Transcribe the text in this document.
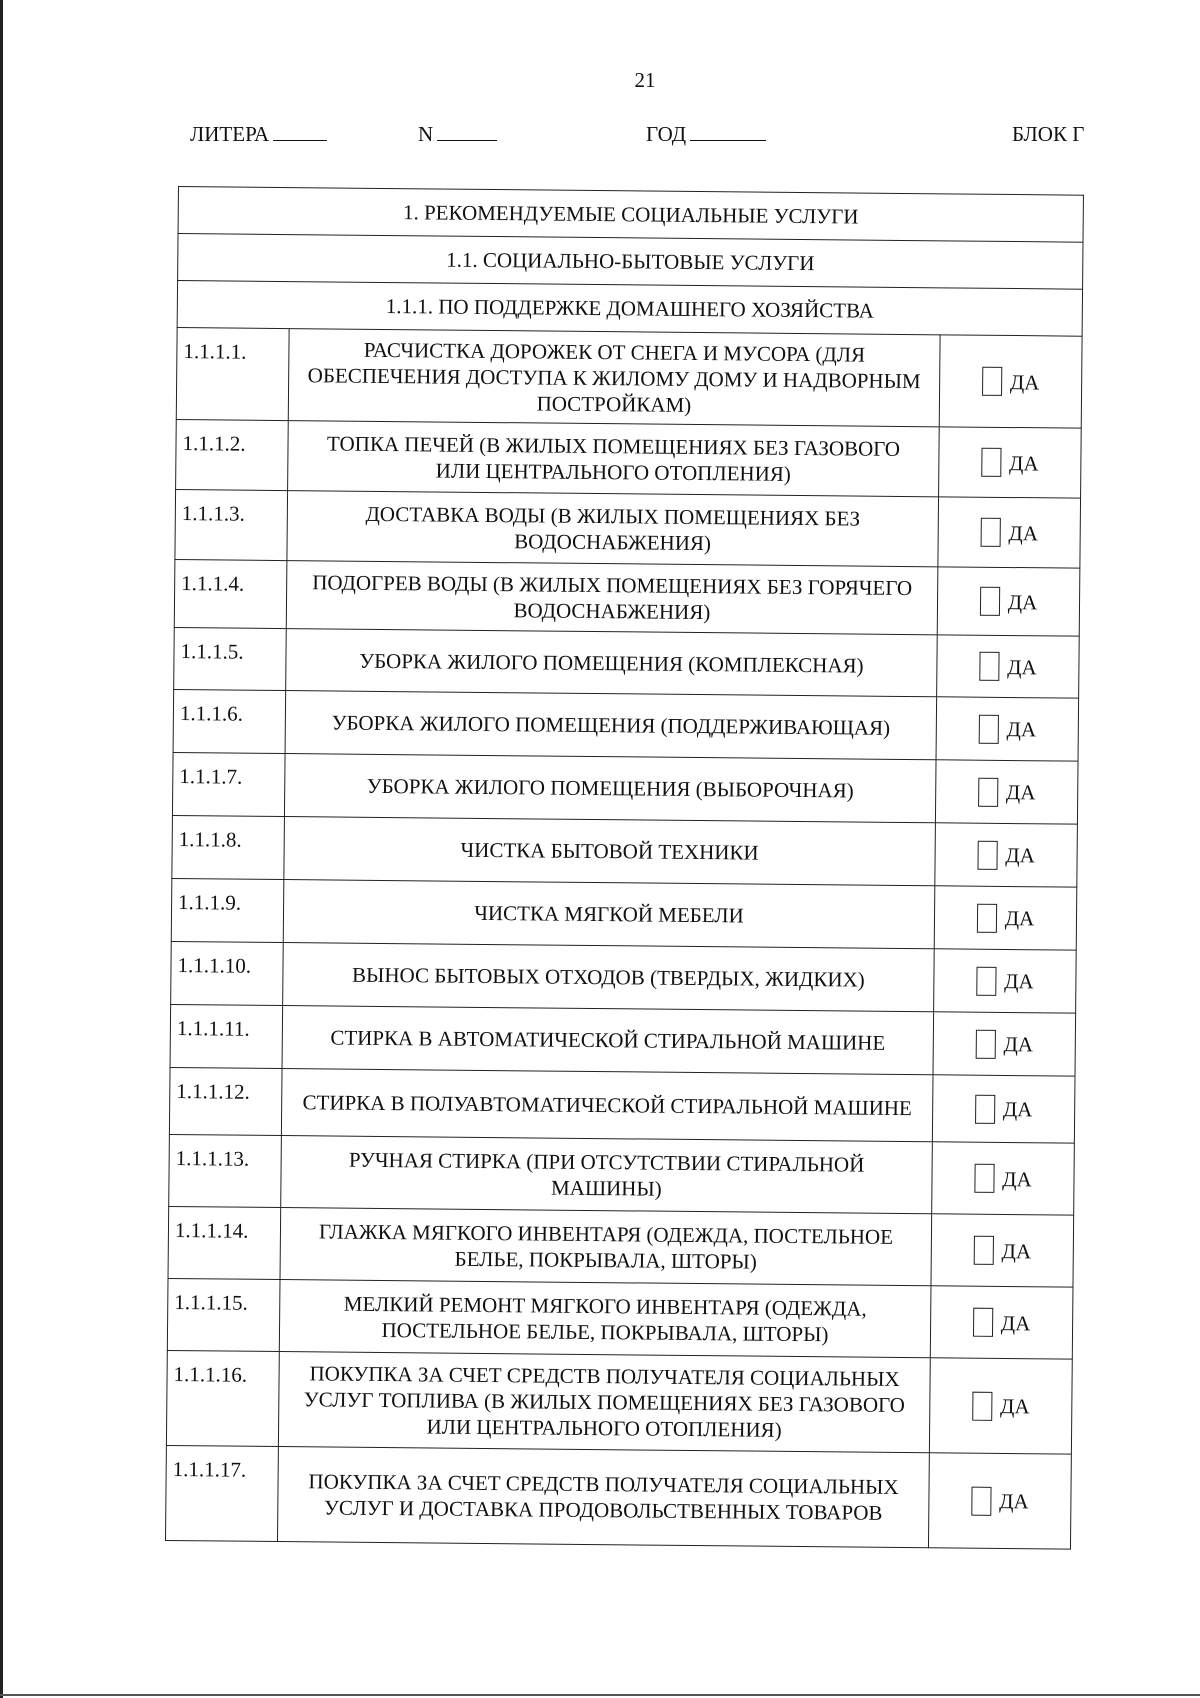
21
ЛИТЕРА	N	ГОД	БЛОК Г
1. РЕКОМЕНДУЕМЫЕ СОЦИАЛЬНЫЕ УСЛУГИ		
1.1. СОЦИАЛЬНО-БЫТОВЫЕ УСЛУГИ		
1.1.1. ПО ПОДДЕРЖКЕ ДОМАШНЕГО ХОЗЯЙСТВА		
1.1.1.1.	РАСЧИСТКА ДОРОЖЕК ОТ СНЕГА И МУСОРА (ДЛЯ ОБЕСПЕЧЕНИЯ ДОСТУПА К ЖИЛОМУ ДОМУ И НАДВОРНЫМ ПОСТРОЙКАМ)	ДА
1.1.1.2.	ТОПКА ПЕЧЕЙ (В ЖИЛЫХ ПОМЕЩЕНИЯХ БЕЗ ГАЗОВОГО ИЛИ ЦЕНТРАЛЬНОГО ОТОПЛЕНИЯ)	ДА
1.1.1.3.	ДОСТАВКА ВОДЫ (В ЖИЛЫХ ПОМЕЩЕНИЯХ БЕЗ ВОДОСНАБЖЕНИЯ)	ДА
1.1.1.4.	ПОДОГРЕВ ВОДЫ (В ЖИЛЫХ ПОМЕЩЕНИЯХ БЕЗ ГОРЯЧЕГО ВОДОСНАБЖЕНИЯ)	ДА
1.1.1.5.	УБОРКА ЖИЛОГО ПОМЕЩЕНИЯ (КОМПЛЕКСНАЯ)	ДА
1.1.1.6.	УБОРКА ЖИЛОГО ПОМЕЩЕНИЯ (ПОДДЕРЖИВАЮЩАЯ)	ДА
1.1.1.7.	УБОРКА ЖИЛОГО ПОМЕЩЕНИЯ (ВЫБОРОЧНАЯ)	ДА
1.1.1.8.	ЧИСТКА БЫТОВОЙ ТЕХНИКИ	ДА
1.1.1.9.	ЧИСТКА МЯГКОЙ МЕБЕЛИ	ДА
1.1.1.10.	ВЫНОС БЫТОВЫХ ОТХОДОВ (ТВЕРДЫХ, ЖИДКИХ)	ДА
1.1.1.11.	СТИРКА В АВТОМАТИЧЕСКОЙ СТИРАЛЬНОЙ МАШИНЕ	ДА
1.1.1.12.	СТИРКА В ПОЛУАВТОМАТИЧЕСКОЙ СТИРАЛЬНОЙ МАШИНЕ	ДА
1.1.1.13.	РУЧНАЯ СТИРКА (ПРИ ОТСУТСТВИИ СТИРАЛЬНОЙ МАШИНЫ)	ДА
1.1.1.14.	ГЛАЖКА МЯГКОГО ИНВЕНТАРЯ (ОДЕЖДА, ПОСТЕЛЬНОЕ БЕЛЬЕ, ПОКРЫВАЛА, ШТОРЫ)	ДА
1.1.1.15.	МЕЛКИЙ РЕМОНТ МЯГКОГО ИНВЕНТАРЯ (ОДЕЖДА, ПОСТЕЛЬНОЕ БЕЛЬЕ, ПОКРЫВАЛА, ШТОРЫ)	ДА
1.1.1.16.	ПОКУПКА ЗА СЧЕТ СРЕДСТВ ПОЛУЧАТЕЛЯ СОЦИАЛЬНЫХ УСЛУГ ТОПЛИВА (В ЖИЛЫХ ПОМЕЩЕНИЯХ БЕЗ ГАЗОВОГО ИЛИ ЦЕНТРАЛЬНОГО ОТОПЛЕНИЯ)	ДА
1.1.1.17.	ПОКУПКА ЗА СЧЕТ СРЕДСТВ ПОЛУЧАТЕЛЯ СОЦИАЛЬНЫХ УСЛУГ И ДОСТАВКА ПРОДОВОЛЬСТВЕННЫХ ТОВАРОВ	ДА
